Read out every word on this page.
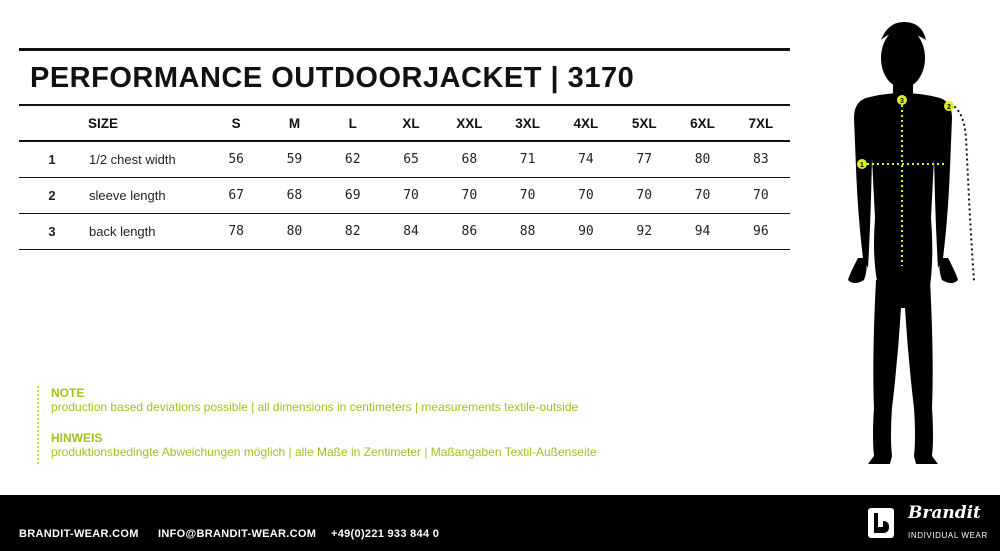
PERFORMANCE OUTDOORJACKET | 3170
	SIZE	S	M	L	XL	XXL	3XL	4XL	5XL	6XL	7XL
1	1/2 chest width	56	59	62	65	68	71	74	77	80	83
2	sleeve length	67	68	69	70	70	70	70	70	70	70
3	back length	78	80	82	84	86	88	90	92	94	96
NOTE
production based deviations possible | all dimensions in centimeters | measurements textile-outside
HINWEIS
produktionsbedingte Abweichungen möglich | alle Maße in Zentimeter | Maßangaben Textil-Außenseite
3
2
1
BRANDIT-WEAR.COM INFO@BRANDIT-WEAR.COM +49(0)221 933 844 0
Brandit
INDIVIDUAL WEAR
